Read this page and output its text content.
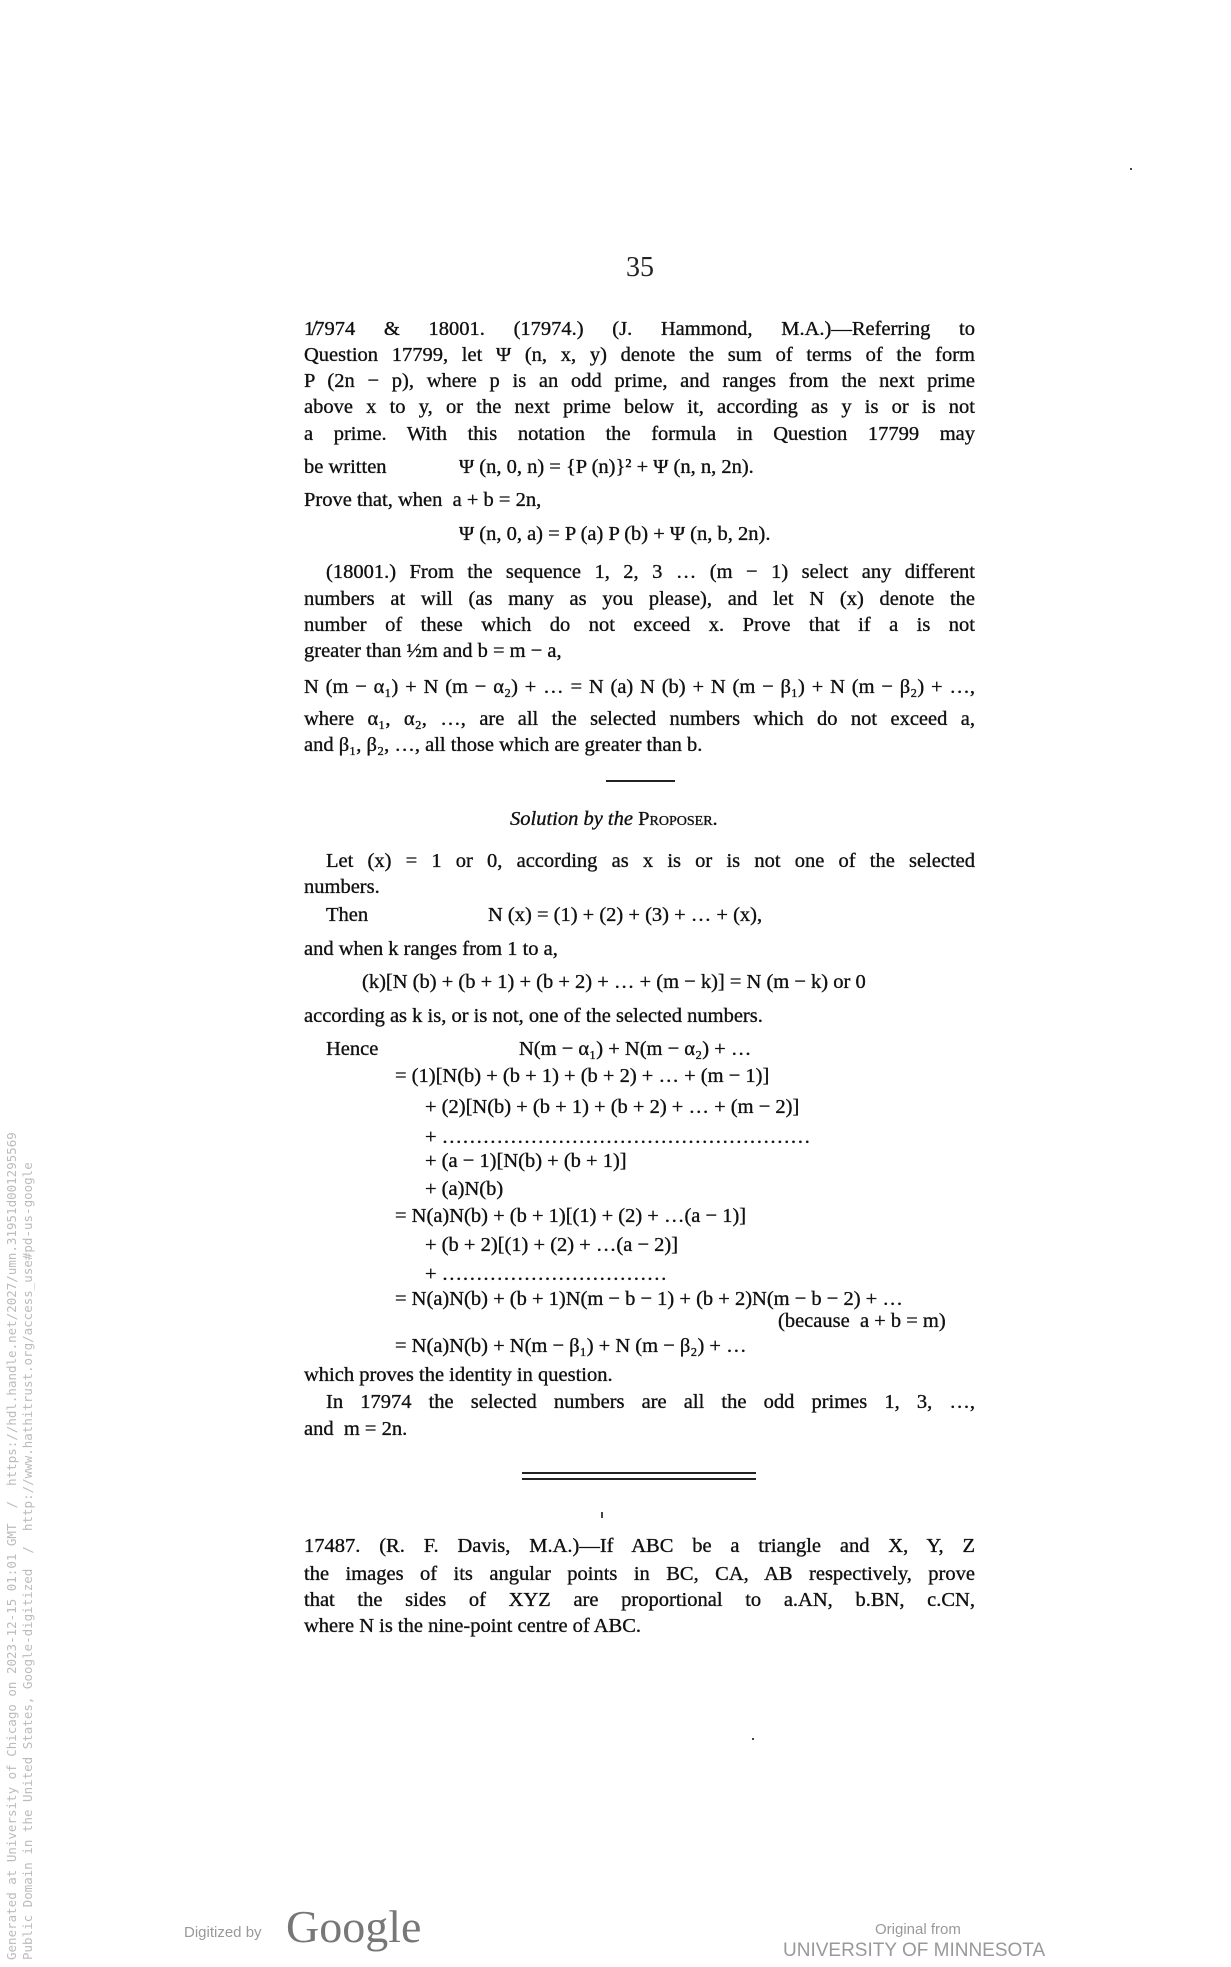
35
1̸7974 & 18001. (17974.) (J. Hammond, M.A.)—Referring to
Question 17799, let Ψ (n, x, y) denote the sum of terms of the form
P (2n − p), where p is an odd prime, and ranges from the next prime
above x to y, or the next prime below it, according as y is or is not
a prime. With this notation the formula in Question 17799 may
be written	Ψ (n, 0, n) = {P (n)}² + Ψ (n, n, 2n).
Prove that, when  a + b = 2n,
Ψ (n, 0, a) = P (a) P (b) + Ψ (n, b, 2n).
(18001.) From the sequence 1, 2, 3 … (m − 1) select any different
numbers at will (as many as you please), and let N (x) denote the
number of these which do not exceed x. Prove that if a is not
greater than ½m and b = m − a,
N (m − α₁) + N (m − α₂) + … = N (a) N (b) + N (m − β₁) + N (m − β₂) + …,
where α₁, α₂, …, are all the selected numbers which do not exceed a,
and β₁, β₂, …, all those which are greater than b.
Solution by the Proposer.
Let (x) = 1 or 0, according as x is or is not one of the selected
numbers.
Then	N (x) = (1) + (2) + (3) + … + (x),
and when k ranges from 1 to a,
(k)[N (b) + (b + 1) + (b + 2) + … + (m − k)] = N (m − k) or 0
according as k is, or is not, one of the selected numbers.
Hence	N(m − α₁) + N(m − α₂) + …
= (1)[N(b) + (b + 1) + (b + 2) + … + (m − 1)]
+ (2)[N(b) + (b + 1) + (b + 2) + … + (m − 2)]
+ ………………………………………………
+ (a − 1)[N(b) + (b + 1)]
+ (a)N(b)
= N(a)N(b) + (b + 1)[(1) + (2) + …(a − 1)]
+ (b + 2)[(1) + (2) + …(a − 2)]
+ ……………………………
= N(a)N(b) + (b + 1)N(m − b − 1) + (b + 2)N(m − b − 2) + …
(because  a + b = m)
= N(a)N(b) + N(m − β₁) + N (m − β₂) + …
which proves the identity in question.
In 17974 the selected numbers are all the odd primes 1, 3, …,
and  m = 2n.
17487. (R. F. Davis, M.A.)—If ABC be a triangle and X, Y, Z
the images of its angular points in BC, CA, AB respectively, prove
that the sides of XYZ are proportional to a.AN, b.BN, c.CN,
where N is the nine-point centre of ABC.
Generated at University of Chicago on 2023-12-15 01:01 GMT  /  https://hdl.handle.net/2027/umn.31951d001295569
Public Domain in the United States, Google-digitized  /  http://www.hathitrust.org/access_use#pd-us-google	Digitized by Google	Original from
UNIVERSITY OF MINNESOTA
